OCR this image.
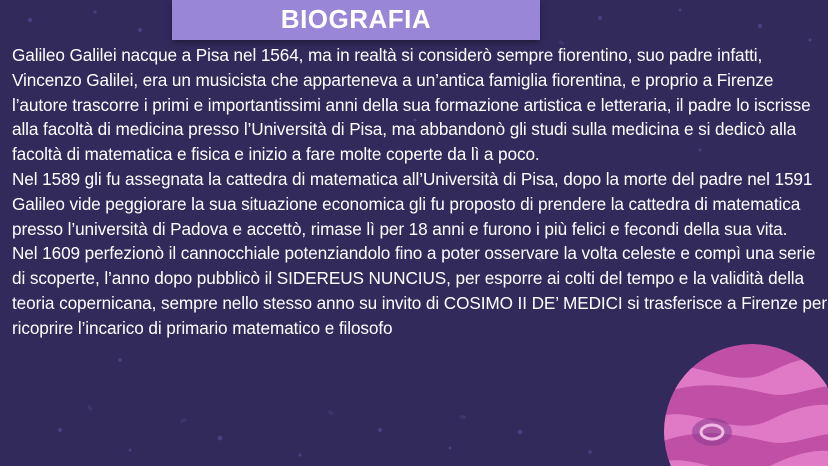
BIOGRAFIA

Galileo Galilei nacque a Pisa nel 1564, ma in realtà si considerò sempre fiorentino, suo padre infatti, Vincenzo Galilei, era un musicista che apparteneva a un’antica famiglia fiorentina, e proprio a Firenze l’autore trascorre i primi e importantissimi anni della sua formazione artistica e letteraria, il padre lo iscrisse alla facoltà di medicina presso l’Università di Pisa, ma abbandonò gli studi sulla medicina e si dedicò alla facoltà di matematica e fisica e inizio a fare molte coperte da lì a poco.

Nel 1589 gli fu assegnata la cattedra di matematica all’Università di Pisa, dopo la morte del padre nel 1591 Galileo vide peggiorare la sua situazione economica gli fu proposto di prendere la cattedra di matematica presso l’università di Padova e accettò, rimase lì per 18 anni e furono i più felici e fecondi della sua vita.

Nel 1609 perfezionò il cannocchiale potenziandolo fino a poter osservare la volta celeste e compì una serie di scoperte, l’anno dopo pubblicò il SIDEREUS NUNCIUS, per esporre ai colti del tempo e la validità della teoria copernicana, sempre nello stesso anno su invito di COSIMO II DE’ MEDICI si trasferisce a Firenze per ricoprire l’incarico di primario matematico e filosofo
